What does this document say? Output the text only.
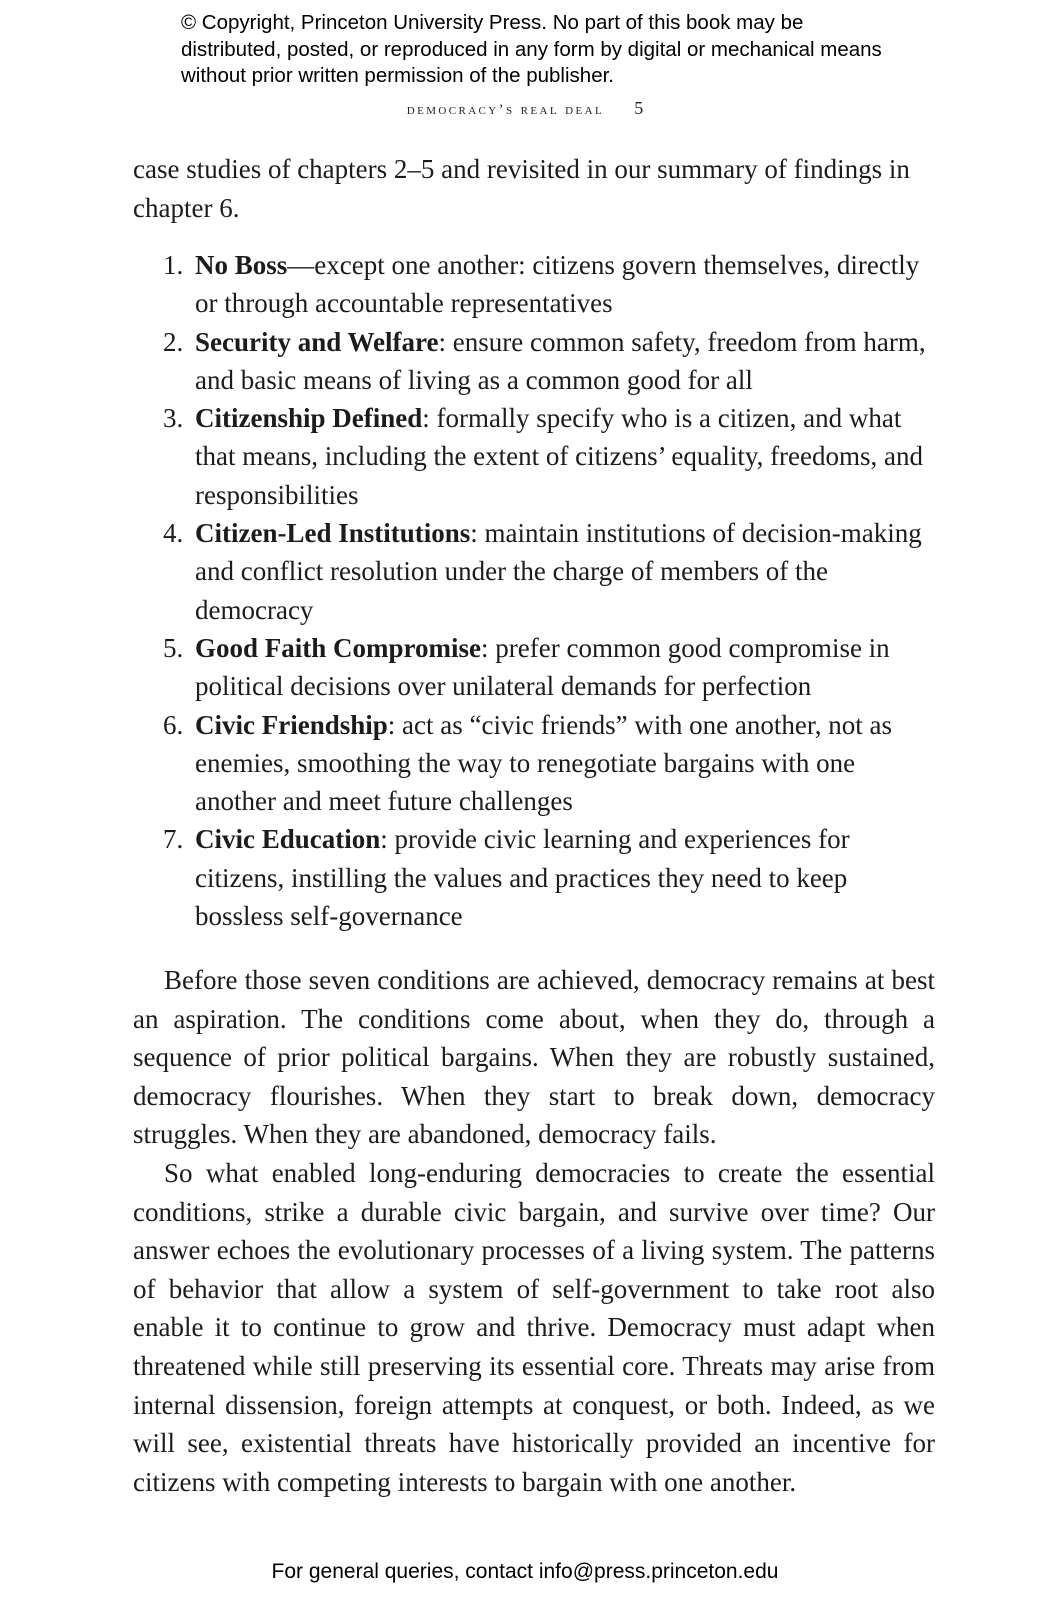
© Copyright, Princeton University Press. No part of this book may be distributed, posted, or reproduced in any form by digital or mechanical means without prior written permission of the publisher.
democracy’s real deal 5

case studies of chapters 2–5 and revisited in our summary of findings in chapter 6.

1. No Boss—except one another: citizens govern themselves, directly or through accountable representatives
2. Security and Welfare: ensure common safety, freedom from harm, and basic means of living as a common good for all
3. Citizenship Defined: formally specify who is a citizen, and what that means, including the extent of citizens’ equality, freedoms, and responsibilities
4. Citizen-Led Institutions: maintain institutions of decision-making and conflict resolution under the charge of members of the democracy
5. Good Faith Compromise: prefer common good compromise in political decisions over unilateral demands for perfection
6. Civic Friendship: act as “civic friends” with one another, not as enemies, smoothing the way to renegotiate bargains with one another and meet future challenges
7. Civic Education: provide civic learning and experiences for citizens, instilling the values and practices they need to keep bossless self-governance

Before those seven conditions are achieved, democracy remains at best an aspiration. The conditions come about, when they do, through a sequence of prior political bargains. When they are robustly sustained, democracy flourishes. When they start to break down, democracy struggles. When they are abandoned, democracy fails.

So what enabled long-enduring democracies to create the essential conditions, strike a durable civic bargain, and survive over time? Our answer echoes the evolutionary processes of a living system. The patterns of behavior that allow a system of self-government to take root also enable it to continue to grow and thrive. Democracy must adapt when threatened while still preserving its essential core. Threats may arise from internal dissension, foreign attempts at conquest, or both. Indeed, as we will see, existential threats have historically provided an incentive for citizens with competing interests to bargain with one another.

For general queries, contact info@press.princeton.edu
